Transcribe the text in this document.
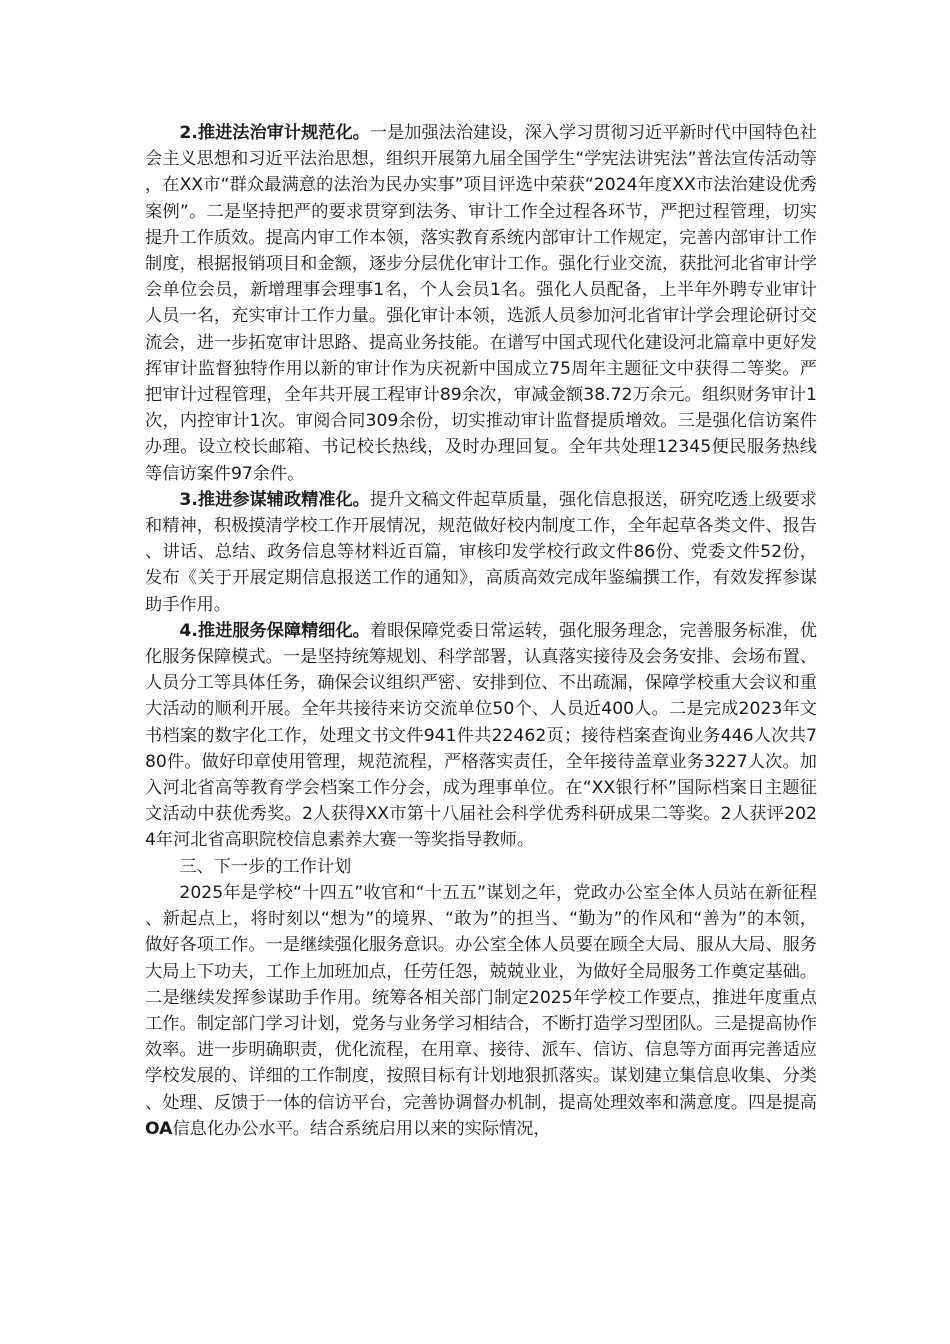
2.推进法治审计规范化。一是加强法治建设，深入学习贯彻习近平新时代中国特色社会主义思想和习近平法治思想，组织开展第九届全国学生“学宪法讲宪法”普法宣传活动等，在XX市“群众最满意的法治为民办实事”项目评选中荣获“2024年度XX市法治建设优秀案例”。二是坚持把严的要求贯穿到法务、审计工作全过程各环节，严把过程管理，切实提升工作质效。提高内审工作本领，落实教育系统内部审计工作规定，完善内部审计工作制度，根据报销项目和金额，逐步分层优化审计工作。强化行业交流，获批河北省审计学会单位会员，新增理事会理事1名，个人会员1名。强化人员配备，上半年外聘专业审计人员一名，充实审计工作力量。强化审计本领，选派人员参加河北省审计学会理论研讨交流会，进一步拓宽审计思路、提高业务技能。在谱写中国式现代化建设河北篇章中更好发挥审计监督独特作用以新的审计作为庆祝新中国成立75周年主题征文中获得二等奖。严把审计过程管理，全年共开展工程审计89余次，审减金额38.72万余元。组织财务审计1次，内控审计1次。审阅合同309余份，切实推动审计监督提质增效。三是强化信访案件办理。设立校长邮箱、书记校长热线，及时办理回复。全年共处理12345便民服务热线等信访案件97余件。

3.推进参谋辅政精准化。提升文稿文件起草质量，强化信息报送，研究吃透上级要求和精神，积极摸清学校工作开展情况，规范做好校内制度工作，全年起草各类文件、报告、讲话、总结、政务信息等材料近百篇，审核印发学校行政文件86份、党委文件52份，发布《关于开展定期信息报送工作的通知》，高质高效完成年鉴编撰工作，有效发挥参谋助手作用。

4.推进服务保障精细化。着眼保障党委日常运转，强化服务理念，完善服务标准，优化服务保障模式。一是坚持统筹规划、科学部署，认真落实接待及会务安排、会场布置、人员分工等具体任务，确保会议组织严密、安排到位、不出疏漏，保障学校重大会议和重大活动的顺利开展。全年共接待来访交流单位50个、人员近400人。二是完成2023年文书档案的数字化工作，处理文书文件941件共22462页；接待档案查询业务446人次共780件。做好印章使用管理，规范流程，严格落实责任，全年接待盖章业务3227人次。加入河北省高等教育学会档案工作分会，成为理事单位。在“XX银行杯”国际档案日主题征文活动中获优秀奖。2人获得XX市第十八届社会科学优秀科研成果二等奖。2人获评2024年河北省高职院校信息素养大赛一等奖指导教师。

三、下一步的工作计划

2025年是学校“十四五”收官和“十五五”谋划之年，党政办公室全体人员站在新征程、新起点上，将时刻以“想为”的境界、“敢为”的担当、“勤为”的作风和“善为”的本领，做好各项工作。一是继续强化服务意识。办公室全体人员要在顾全大局、服从大局、服务大局上下功夫，工作上加班加点，任劳任怨，兢兢业业，为做好全局服务工作奠定基础。二是继续发挥参谋助手作用。统筹各相关部门制定2025年学校工作要点，推进年度重点工作。制定部门学习计划，党务与业务学习相结合，不断打造学习型团队。三是提高协作效率。进一步明确职责，优化流程，在用章、接待、派车、信访、信息等方面再完善适应学校发展的、详细的工作制度，按照目标有计划地狠抓落实。谋划建立集信息收集、分类、处理、反馈于一体的信访平台，完善协调督办机制，提高处理效率和满意度。四是提高OA信息化办公水平。结合系统启用以来的实际情况，
